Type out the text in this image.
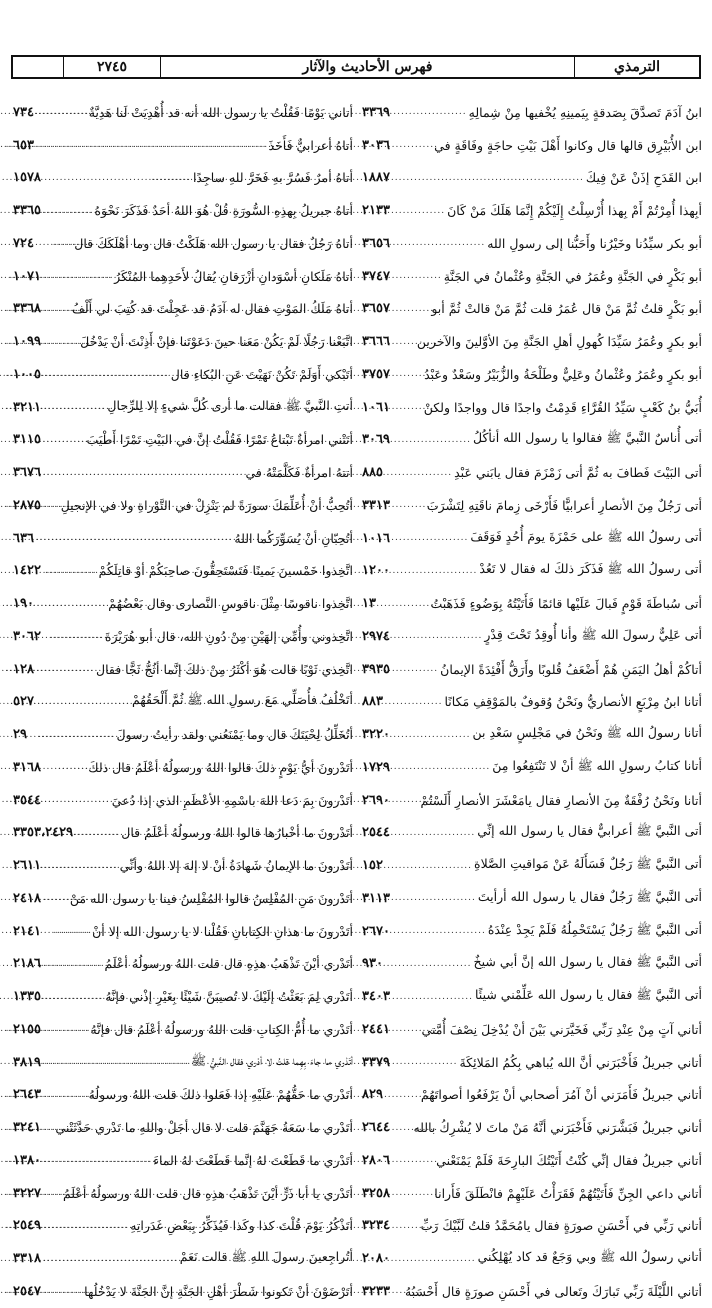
الترمذي
فهرس الأحاديث والآثار
٢٧٤٥
ابنُ آدَمَ تَصدَّقَ بِصَدقةٍ بِيَمينِهِ يُخْفيها مِنْ شِمالِهِ
.....
٣٣٦٩
ابن الأُبَيْرِق قالها قال وكانوا أَهْلَ بَيْتِ حاجَةٍ وفَاقَةٍ في
.....
٣٠٣٦
ابن القَدَحِ إذَنْ عَنْ فِيكَ
.....
١٨٨٧
أبِهذا أُمِرْتُمْ أَمْ بِهذا أُرْسِلْتُ إِلَيْكُمْ إِنَّمَا هَلَكَ مَنْ كَانَ
.....
٢١٣٣
أبو بكر سيِّدُنا وخَيْرُنا وأَحَبُّنا إلى رسولِ الله
.....
٣٦٥٦
أبو بَكْرٍ في الجَنَّةِ وعُمَرُ في الجَنَّةِ وعُثْمانُ في الجَنَّةِ
.....
٣٧٤٧
أبو بَكْرٍ قلتُ ثُمَّ مَنْ قال عُمَرُ قلت ثُمَّ مَنْ قالتْ ثُمَّ أبو
.....
٣٦٥٧
أبو بكرٍ وعُمَرُ سَيِّدَا كُهولِ أهلِ الجَنَّةِ مِنَ الأوَّلينَ والآخرين
.....
٣٦٦٦
أبو بكرٍ وعُمَرُ وعُثْمانُ وعَلِيٌّ وطَلْحَةُ والزُّبَيْرُ وسَعْدٌ وعَبْدُ
.....
٣٧٥٧
أُبَيُّ بنُ كَعْبٍ سَيِّدُ القُرَّاءِ قَدِمْتُ واجدًا قال وواجدًا ولكنْ
.....
١٠٦١
أتى أُناسٌ النَّبيَّ ﷺ فقالوا يا رسول الله أنأكُلُ
.....
٣٠٦٩
أتى البَيْتَ فَطافَ به ثُمَّ أتى زَمْزَمَ فقال يابَني عَبْدِ
.....
٨٨٥
أتى رَجُلٌ مِنَ الأنصارِ أعرابيًّا فَأَرْخَى زِمامَ ناقَتِهِ لِتَشْرَبَ
.....
٣٣١٣
أتى رسولُ الله ﷺ على حَمْزَةَ يومَ أُحُدٍ فَوَقَفَ
.....
١٠١٦
أتى رسولُ الله ﷺ فَذَكَرَ ذلكَ له فقال لا تَعُدْ
.....
١٢٠٠
أتى سُباطَةَ قَوْمٍ فَبالَ عَلَيْها قائمًا فَأَتَيْتُهُ بِوَضُوءٍ فَذَهَبْتُ
.....
١٣
أتى عَلِيٌّ رسولَ الله ﷺ وأنا أُوقِدُ تَحْتَ قِدْرٍ
.....
٢٩٧٤
أتاكُمْ أهلُ اليَمَنِ هُمْ أَضْعَفُ قُلوبًا وأَرَقُّ أَفْئِدَةً الإيمانُ
.....
٣٩٣٥
أتانا ابنُ مِرْبَعٍ الأنصاريُّ ونَحْنُ وُقوفٌ بالمَوْقِفِ مَكانًا
.....
٨٨٣
أتانا رسولُ الله ﷺ ونَحْنُ في مَجْلِسٍ سَعْدِ بن
.....
٣٢٢٠
أتانا كتابُ رسولِ الله ﷺ أنْ لا تَنْتَفِعُوا مِنَ
.....
١٧٢٩
أتانا ونَحْنُ رُفْقَةٌ مِنَ الأنصارِ فقال يامَعْشَرَ الأنصارِ أَلَسْتُمْ
.....
٢٦٩٠
أتى النَّبيَّ ﷺ أعرابيٌّ فقال يا رسول الله إنِّي
.....
٢٥٤٤
أتى النَّبيَّ ﷺ رَجُلٌ فَسَأَلَهُ عَنْ مَواقيتِ الصَّلاةِ
.....
١٥٢
أتى النَّبيَّ ﷺ رَجُلٌ فقال يا رسول الله أرأيتَ
.....
٣١١٣
أتى النَّبيَّ ﷺ رَجُلٌ يَسْتَحْمِلُهُ فَلَمْ يَجِدْ عِنْدَهُ
.....
٢٦٧٠
أتى النَّبيَّ ﷺ فقال يا رسول الله إنَّ أبي شيخٌ
.....
٩٣٠
أتى النَّبيَّ ﷺ فقال يا رسول الله عَلِّمْني شيئًا
.....
٣٤٠٣
أتاني آتٍ مِنْ عِنْدِ رَبِّي فَخَيَّرَني بَيْنَ أنْ يُدْخِلَ نِصْفَ أُمَّتي
.....
٢٤٤١
أتاني جبريلُ فَأَخْبَرَني أنَّ الله يُباهي بِكُمُ المَلائِكَةَ
.....
٣٣٧٩
أتاني جبريلُ فَأَمَرَني أنْ آمُرَ أصحابي أنْ يَرْفَعُوا أصواتَهُمْ
.....
٨٢٩
أتاني جبريلُ فَبَشَّرَني فَأَخْبَرَني أنَّهُ مَنْ ماتَ لا يُشْرِكُ بالله
.....
٢٦٤٤
أتاني جبريلُ فقال إنِّي كُنْتُ أَتَيْتُكَ البارِحَةَ فَلَمْ يَمْنَعْني
.....
٢٨٠٦
أتاني داعي الجِنِّ فَأَتَيْتُهُمْ فَقَرَأْتُ عَلَيْهِمْ فانْطَلَقَ فَأَرانا
.....
٣٢٥٨
أتاني رَبِّي في أَحْسَنِ صورَةٍ فقال يامُحَمَّدُ قلتُ لَبَّيْكَ رَبِّ
.....
٣٢٣٤
أتاني رسولُ الله ﷺ وبي وَجَعٌ قد كاد يُهْلِكُني
.....
٢٠٨٠
أتاني اللَّيْلَةَ رَبِّي تَبارَكَ وتَعالى في أَحْسَنِ صورَةٍ قال أَحْسَبُهُ
.....
٣٢٣٣
أتاني يَوْمًا فَقُلْتُ يا رسول الله أنه قد أُهْدِيَتْ لَنا هَدِيَّةٌ
.....
٧٣٤
أتاهُ أعرابيٌّ فَأَخَذَ
.....
٦٥٣
أتاهُ أمرٌ فَسُرَّ بهِ فَخَرَّ للهِ ساجِدًا
.....
١٥٧٨
أتاهُ جبريلُ بِهذِهِ السُّورَةِ قُلْ هُوَ اللهُ أحَدٌ فَذَكَرَ نَحْوَهُ
.....
٣٣٦٥
أتاهُ رَجُلٌ فقال يا رسول الله هَلَكْتُ قال وما أهْلَكَكَ قال
.....
٧٢٤
أتاهُ مَلَكانِ أسْوَدانِ أزْرَقانِ يُقالُ لأَحَدِهِما المُنْكَرُ
.....
١٠٧١
أتاهُ مَلَكُ المَوْتِ فقال له آدَمُ قد عَجِلْتَ قد كُتِبَ لي أَلْفُ
.....
٣٣٦٨
اتَّبَعْنا رَجُلًا لَمْ يَكُنْ مَعَنا حينَ دَعَوْتَنا فإنْ أَذِنْتَ أنْ يَدْخُلَ
.....
١٠٩٩
أتَبْكي أَوَلَمْ تَكُنْ نَهَيْتَ عَنِ البُكاءِ قال
.....
١٠٠٥
أتتِ النَّبيَّ ﷺ فقالت ما أرى كُلَّ شيءٍ إلا لِلرِّجالِ
.....
٣٢١١
أتَتْني امرأةٌ تَبْتاعُ تَمْرًا فَقُلْتُ إنَّ في البَيْتِ تَمْرًا أَطْيَبَ
.....
٣١١٥
أتتهُ امرأةٌ فَكَلَّمَتْهُ في
.....
٣٦٧٦
أتُحِبُّ أنْ أُعَلِّمَكَ سورَةً لم يَنْزِلْ في التَّوْراةِ ولا في الإنجيلِ
.....
٢٨٧٥
أتُحِبّانِ أنْ يُسَوِّرَكُما اللهُ
.....
٦٣٦
اتَّخِذوا خَمْسينَ يَمينًا فَتَسْتَحِقُّونَ صاحِبَكُمْ أوْ قاتِلَكُمْ
.....
١٤٢٢
اتَّخِذوا ناقوسًا مِثْلَ ناقوسِ النَّصارى وقال بَعْضُهُمْ
.....
١٩٠
اتَّخِذوني وأُمِّي إلهَيْنِ مِنْ دُونِ الله، قال أبو هُرَيْرَةَ
.....
٣٠٦٢
اتَّخِذي ثَوْبًا قالت هُوَ أكْثَرُ مِنْ ذلكَ إنَّما أثُجُّ ثَجًّا فقال
.....
١٢٨
أتَخْلُفُ فأُصَلِّي مَعَ رسولِ الله ﷺ ثُمَّ أَلْحَقُهُمْ
.....
٥٢٧
أتُخَلِّلُ لِحْيَتَكَ قال وما يَمْنَعُني ولقد رأيتُ رسولَ
.....
٢٩
أتَدْرونَ أيُّ يَوْمٍ ذلكَ قالوا اللهُ ورسولُهُ أعْلَمُ قال ذلكَ
.....
٣١٦٨
أتَدْرونَ بِمَ دَعا اللهَ باسْمِهِ الأعْظَمِ الذي إذا دُعيَ
.....
٣٥٤٤
أتَدْرونَ ما أخْبارُها قالوا اللهُ ورسولُهُ أعْلَمُ قال
.....
٣٣٥٣،٢٤٢٩
أتَدْرونَ ما الإيمانُ شَهادَةُ أنْ لا إلهَ إلا اللهُ وأنِّي
.....
٢٦١١
أتَدْرونَ مَنِ المُفْلِسُ قالوا المُفْلِسُ فينا يا رسول الله مَنْ
.....
٢٤١٨
أتَدْرونَ ما هذانِ الكِتابانِ فَقُلْنا لا يا رسول الله إلا أنْ
.....
٢١٤١
أتَدْري أيْنَ تَذْهَبُ هذِهِ قال قلت اللهُ ورسولُهُ أعْلَمُ
.....
٢١٨٦
أتَدْري لِمَ بَعَثْتُ إلَيْكَ لا تُصيبَنَّ شَيْئًا بِغَيْرِ إذْني فإنَّهُ
.....
١٣٣٥
أتَدْري ما أُمُّ الكِتابِ قلت اللهُ ورسولُهُ أعْلَمُ قال فإنَّهُ
.....
٢١٥٥
أتَدْري ما جاءَ بِهِما قلتُ لا أدْري فقال النَّبيُّ ﷺ
.....
٣٨١٩
أتَدْري ما حَقُّهُمْ عَلَيْهِ إذا فَعَلوا ذلكَ قلت اللهُ ورسولُهُ
.....
٢٦٤٣
أتَدْري ما سَعَةُ جَهَنَّمَ قلت لا قال أجَلْ واللهِ ما تَدْري حَدَّثَتْني
.....
٣٢٤١
أتَدْري ما قَطَعْتَ لهُ إنَّما قَطَعْتَ لهُ الماءَ
.....
١٣٨٠
أتَدْري يا أبا ذَرٍّ أيْنَ تَذْهَبُ هذِهِ قال قلت اللهُ ورسولُهُ أعْلَمُ
.....
٣٢٢٧
أتَذْكُرُ يَوْمَ قُلْتَ كذا وكَذا فَيُذَكِّرُ بِبَعْضِ غَدَراتِهِ
.....
٢٥٤٩
أتُراجِعينَ رسولَ اللهِ ﷺ قالت نَعَمْ
.....
٣٣١٨
أتَرْضَوْنَ أنْ تَكونوا شَطْرَ أهْلِ الجَنَّةِ إنَّ الجَنَّةَ لا يَدْخُلُها
.....
٢٥٤٧
